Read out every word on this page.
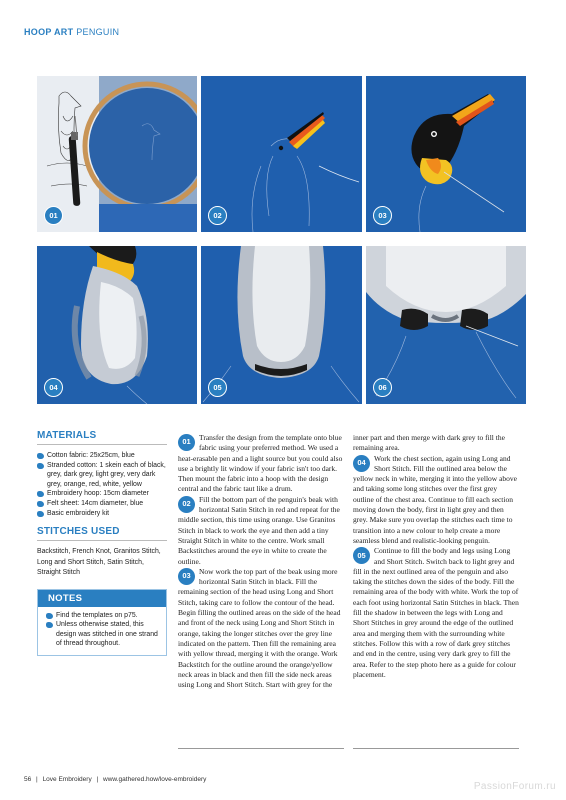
HOOP ART PENGUIN
01	02	03
04	05	06
MATERIALS
Cotton fabric: 25x25cm, blue
Stranded cotton: 1 skein each of black, grey, dark grey, light grey, very dark grey, orange, red, white, yellow
Embroidery hoop: 15cm diameter
Felt sheet: 14cm diameter, blue
Basic embroidery kit
STITCHES USED

Backstitch, French Knot, Granitos Stitch, Long and Short Stitch, Satin Stitch, Straight Stitch

NOTES

Find the templates on p75.

Unless otherwise stated, this design was stitched in one strand of thread throughout.

01	Transfer the design from the template onto blue fabric using your preferred method. We used a heat-erasable pen and a light source but you could also use a brightly lit window if your fabric isn't too dark. Then mount the fabric into a hoop with the design central and the fabric taut like a drum.

02	Fill the bottom part of the penguin's beak with horizontal Satin Stitch in red and repeat for the middle section, this time using orange. Use Granitos Stitch in black to work the eye and then add a tiny Straight Stitch in white to the centre. Work small Backstitches around the eye in white to create the outline.

03	Now work the top part of the beak using more horizontal Satin Stitch in black. Fill the remaining section of the head using Long and Short Stitch, taking care to follow the contour of the head. Begin filling the outlined areas on the side of the head and front of the neck using Long and Short Stitch in orange, taking the longer stitches over the grey line indicated on the pattern. Then fill the remaining area with yellow thread, merging it with the orange. Work Backstitch for the outline around the orange/yellow neck areas in black and then fill the side neck areas using Long and Short Stitch. Start with grey for the

inner part and then merge with dark grey to fill the remaining area.

04	Work the chest section, again using Long and Short Stitch. Fill the outlined area below the yellow neck in white, merging it into the yellow above and taking some long stitches over the first grey outline of the chest area. Continue to fill each section moving down the body, first in light grey and then grey. Make sure you overlap the stitches each time to transition into a new colour to help create a more seamless blend and realistic-looking penguin.

05	Continue to fill the body and legs using Long and Short Stitch. Switch back to light grey and fill in the next outlined area of the penguin and also taking the stitches down the sides of the body. Fill the remaining area of the body with white. Work the top of each foot using horizontal Satin Stitches in black. Then fill the shadow in between the legs with Long and Short Stitches in grey around the edge of the outlined area and merging them with the surrounding white stitches. Follow this with a row of dark grey stitches and end in the centre, using very dark grey to fill the area. Refer to the step photo here as a guide for colour placement.

56 | Love Embroidery | www.gathered.how/love-embroidery
PassionForum.ru
